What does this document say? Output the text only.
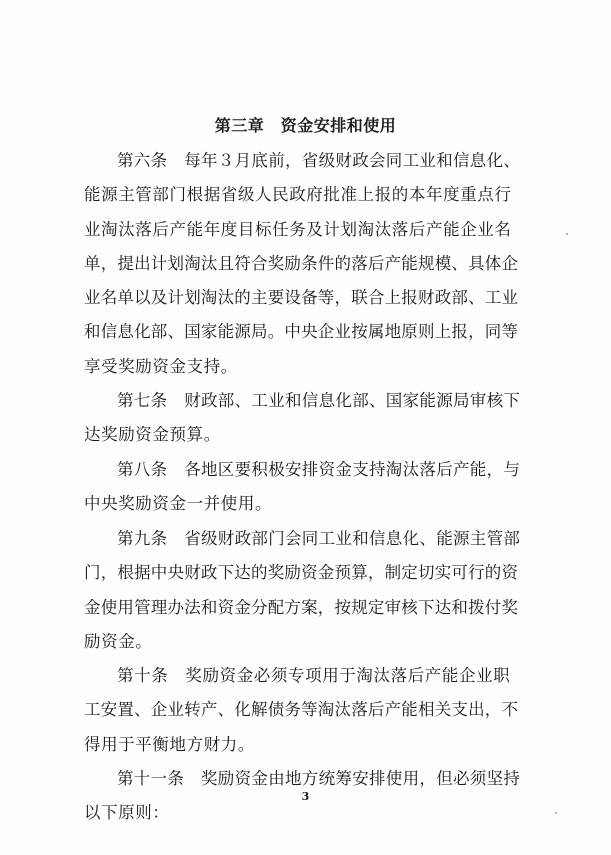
第三章　资金安排和使用
第六条　每年３月底前，省级财政会同工业和信息化、
能源主管部门根据省级人民政府批准上报的本年度重点行
业淘汰落后产能年度目标任务及计划淘汰落后产能企业名
单，提出计划淘汰且符合奖励条件的落后产能规模、具体企
业名单以及计划淘汰的主要设备等，联合上报财政部、工业
和信息化部、国家能源局。中央企业按属地原则上报，同等
享受奖励资金支持。
第七条　财政部、工业和信息化部、国家能源局审核下
达奖励资金预算。
第八条　各地区要积极安排资金支持淘汰落后产能，与
中央奖励资金一并使用。
第九条　省级财政部门会同工业和信息化、能源主管部
门，根据中央财政下达的奖励资金预算，制定切实可行的资
金使用管理办法和资金分配方案，按规定审核下达和拨付奖
励资金。
第十条　奖励资金必须专项用于淘汰落后产能企业职
工安置、企业转产、化解债务等淘汰落后产能相关支出，不
得用于平衡地方财力。
第十一条　奖励资金由地方统筹安排使用，但必须坚持
以下原则：
3
